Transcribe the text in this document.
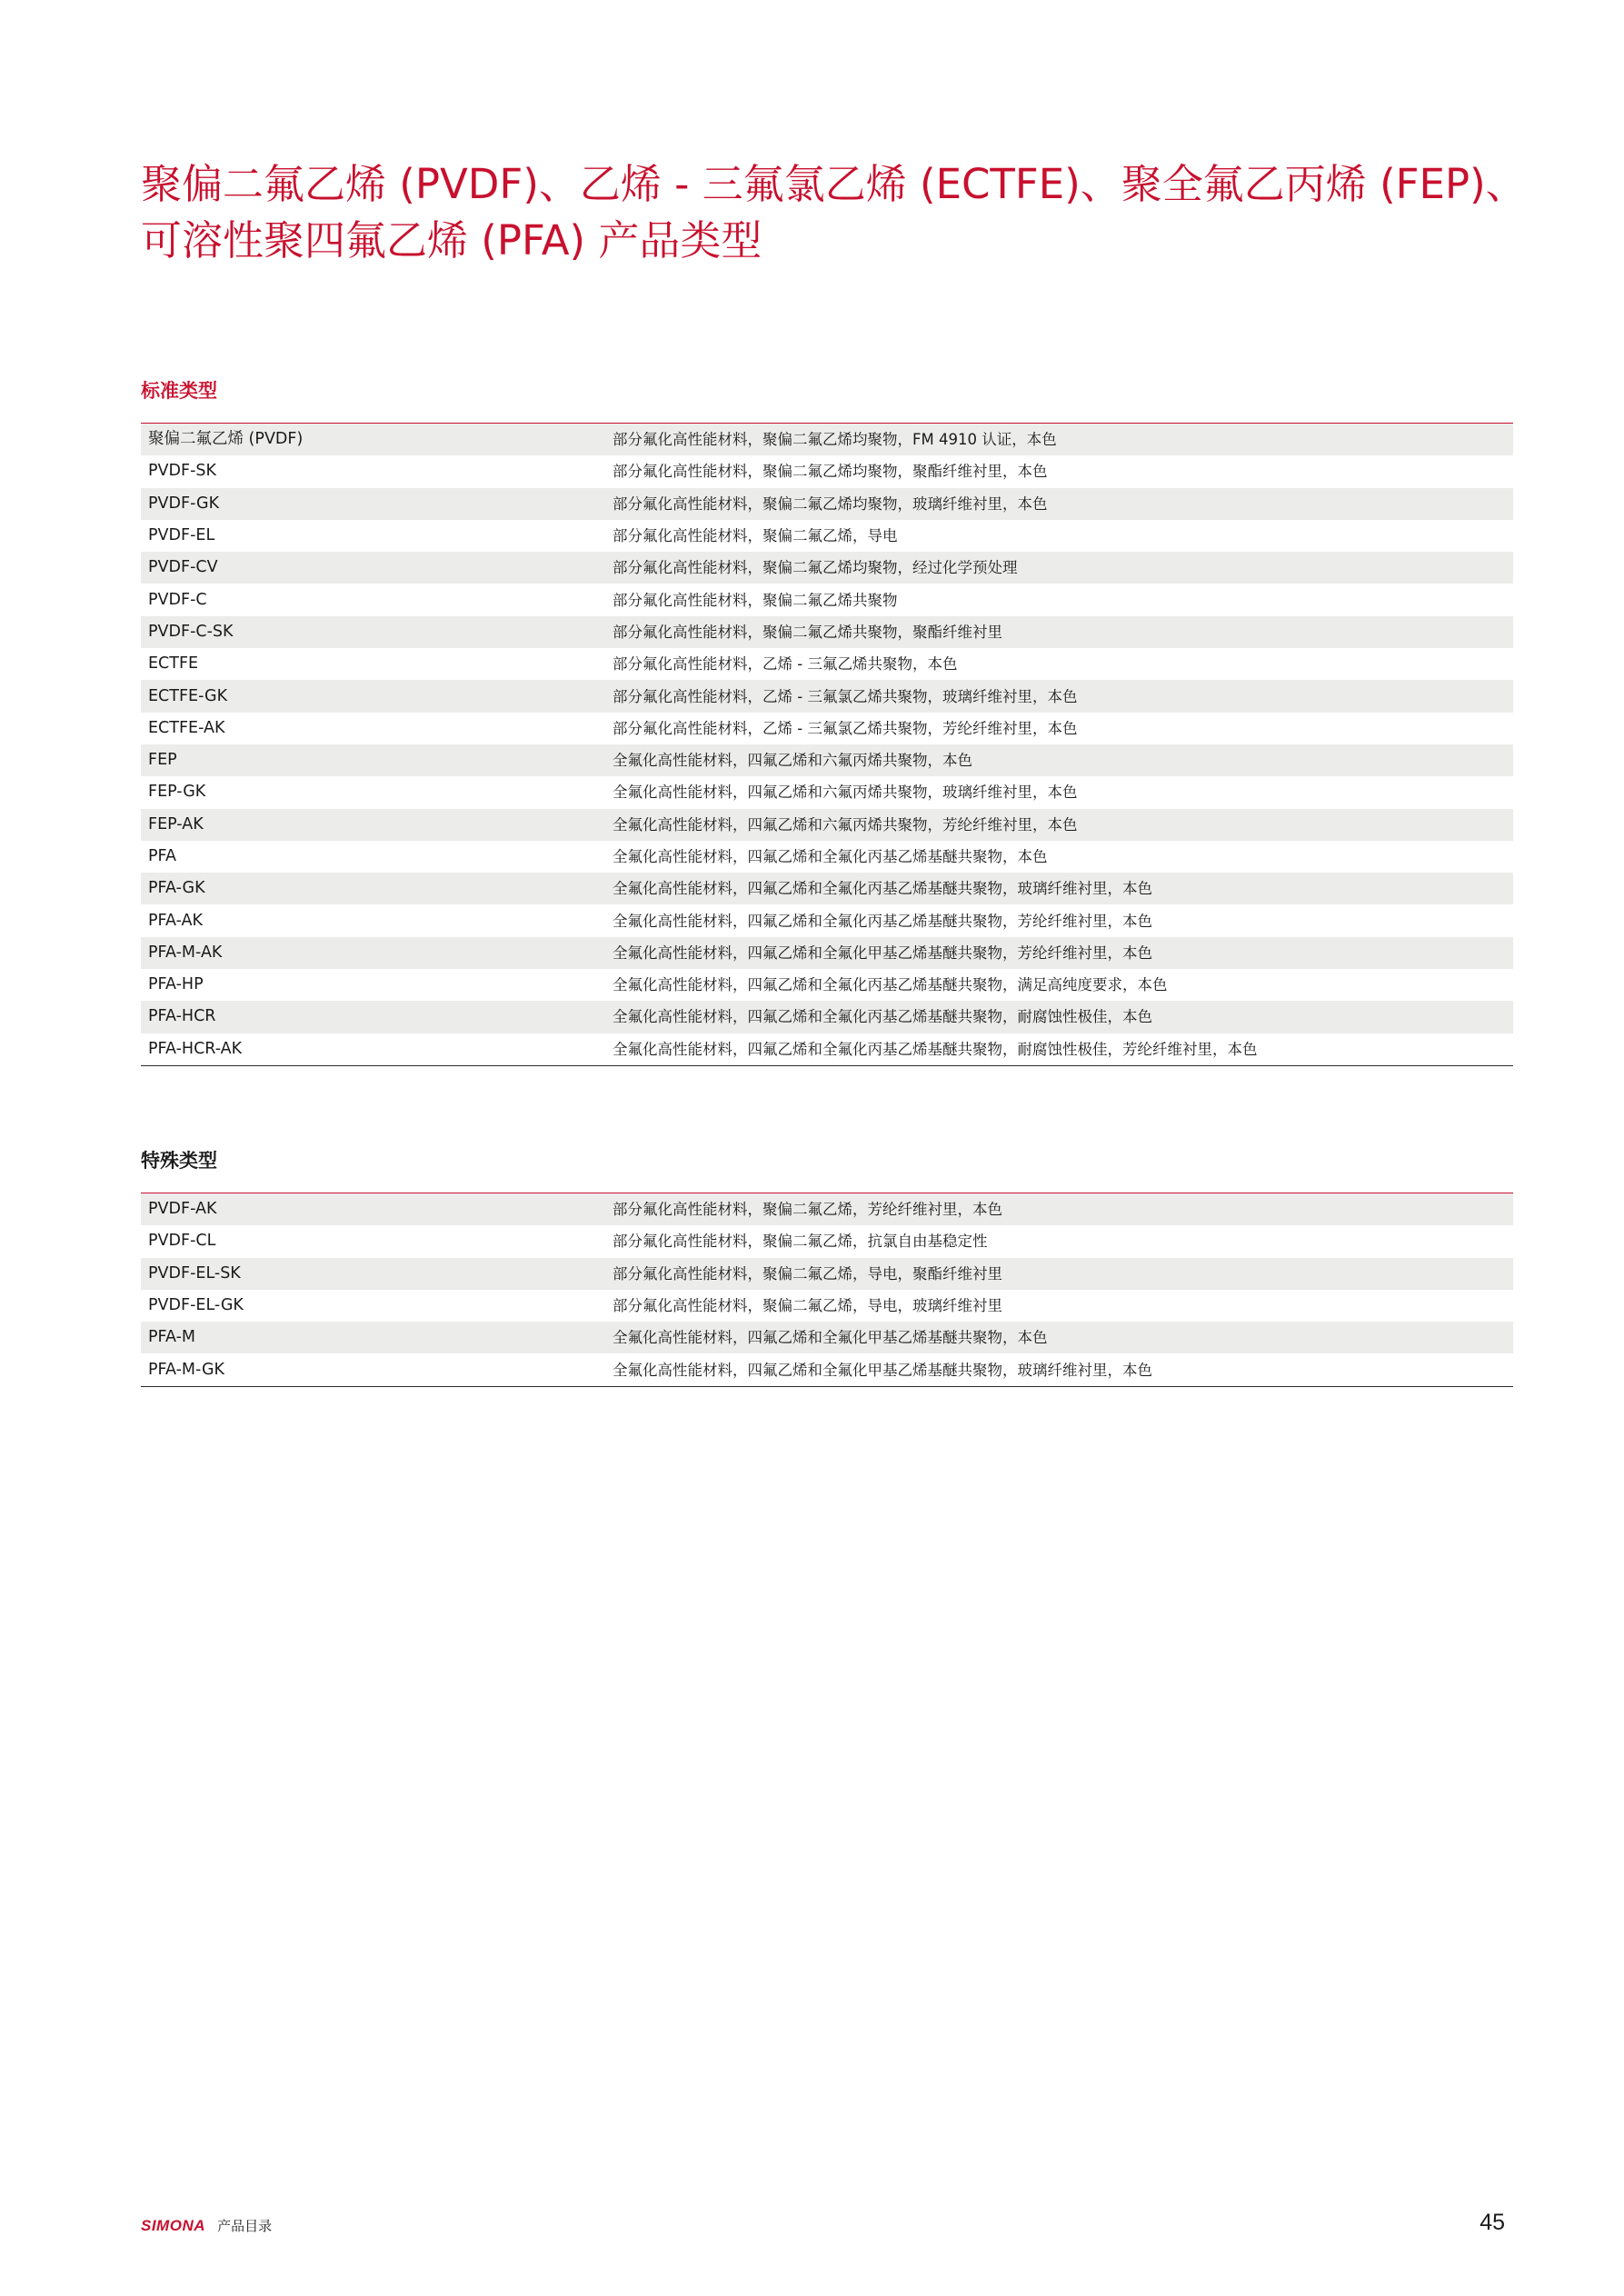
聚偏二氟乙烯 (PVDF)、乙烯 - 三氟氯乙烯 (ECTFE)、聚全氟乙丙烯 (FEP)、
可溶性聚四氟乙烯 (PFA) 产品类型
标准类型
聚偏二氟乙烯 (PVDF)	部分氟化高性能材料，聚偏二氟乙烯均聚物，FM 4910 认证，本色
PVDF-SK	部分氟化高性能材料，聚偏二氟乙烯均聚物，聚酯纤维衬里，本色
PVDF-GK	部分氟化高性能材料，聚偏二氟乙烯均聚物，玻璃纤维衬里，本色
PVDF-EL	部分氟化高性能材料，聚偏二氟乙烯，导电
PVDF-CV	部分氟化高性能材料，聚偏二氟乙烯均聚物，经过化学预处理
PVDF-C	部分氟化高性能材料，聚偏二氟乙烯共聚物
PVDF-C-SK	部分氟化高性能材料，聚偏二氟乙烯共聚物，聚酯纤维衬里
ECTFE	部分氟化高性能材料，乙烯 - 三氟乙烯共聚物，本色
ECTFE-GK	部分氟化高性能材料，乙烯 - 三氟氯乙烯共聚物，玻璃纤维衬里，本色
ECTFE-AK	部分氟化高性能材料，乙烯 - 三氟氯乙烯共聚物，芳纶纤维衬里，本色
FEP	全氟化高性能材料，四氟乙烯和六氟丙烯共聚物，本色
FEP-GK	全氟化高性能材料，四氟乙烯和六氟丙烯共聚物，玻璃纤维衬里，本色
FEP-AK	全氟化高性能材料，四氟乙烯和六氟丙烯共聚物，芳纶纤维衬里，本色
PFA	全氟化高性能材料，四氟乙烯和全氟化丙基乙烯基醚共聚物，本色
PFA-GK	全氟化高性能材料，四氟乙烯和全氟化丙基乙烯基醚共聚物，玻璃纤维衬里，本色
PFA-AK	全氟化高性能材料，四氟乙烯和全氟化丙基乙烯基醚共聚物，芳纶纤维衬里，本色
PFA-M-AK	全氟化高性能材料，四氟乙烯和全氟化甲基乙烯基醚共聚物，芳纶纤维衬里，本色
PFA-HP	全氟化高性能材料，四氟乙烯和全氟化丙基乙烯基醚共聚物，满足高纯度要求，本色
PFA-HCR	全氟化高性能材料，四氟乙烯和全氟化丙基乙烯基醚共聚物，耐腐蚀性极佳，本色
PFA-HCR-AK	全氟化高性能材料，四氟乙烯和全氟化丙基乙烯基醚共聚物，耐腐蚀性极佳，芳纶纤维衬里，本色
特殊类型
PVDF-AK	部分氟化高性能材料，聚偏二氟乙烯，芳纶纤维衬里，本色
PVDF-CL	部分氟化高性能材料，聚偏二氟乙烯，抗氯自由基稳定性
PVDF-EL-SK	部分氟化高性能材料，聚偏二氟乙烯，导电，聚酯纤维衬里
PVDF-EL-GK	部分氟化高性能材料，聚偏二氟乙烯，导电，玻璃纤维衬里
PFA-M	全氟化高性能材料，四氟乙烯和全氟化甲基乙烯基醚共聚物，本色
PFA-M-GK	全氟化高性能材料，四氟乙烯和全氟化甲基乙烯基醚共聚物，玻璃纤维衬里，本色
SIMONA 产品目录	45
